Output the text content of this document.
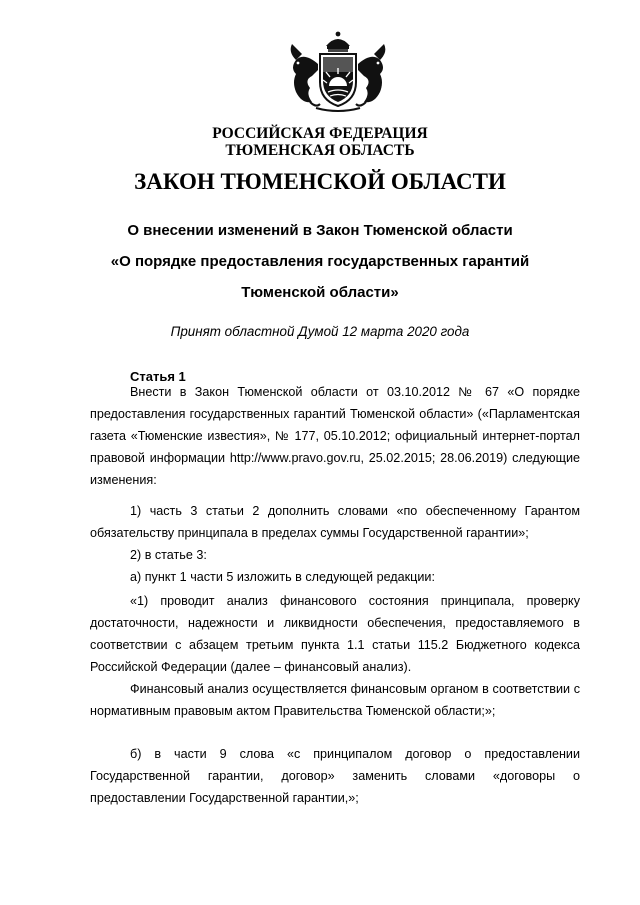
РОССИЙСКАЯ ФЕДЕРАЦИЯ

ТЮМЕНСКАЯ ОБЛАСТЬ

ЗАКОН ТЮМЕНСКОЙ ОБЛАСТИ

О внесении изменений в Закон Тюменской области

«О порядке предоставления государственных гарантий

Тюменской области»

Принят областной Думой 12 марта 2020 года

Статья 1

Внести в Закон Тюменской области от 03.10.2012 № 67 «О порядке предоставления государственных гарантий Тюменской области» («Парламентская газета «Тюменские известия», № 177, 05.10.2012; официальный интернет-портал правовой информации http://www.pravo.gov.ru, 25.02.2015; 28.06.2019) следующие изменения:

1) часть 3 статьи 2 дополнить словами «по обеспеченному Гарантом обязательству принципала в пределах суммы Государственной гарантии»;

2) в статье 3:

а) пункт 1 части 5 изложить в следующей редакции:

«1) проводит анализ финансового состояния принципала, проверку достаточности, надежности и ликвидности обеспечения, предоставляемого в соответствии с абзацем третьим пункта 1.1 статьи 115.2 Бюджетного кодекса Российской Федерации (далее – финансовый анализ).

Финансовый анализ осуществляется финансовым органом в соответствии с нормативным правовым актом Правительства Тюменской области;»;

б) в части 9 слова «с принципалом договор о предоставлении Государственной гарантии, договор» заменить словами «договоры о предоставлении Государственной гарантии,»;
